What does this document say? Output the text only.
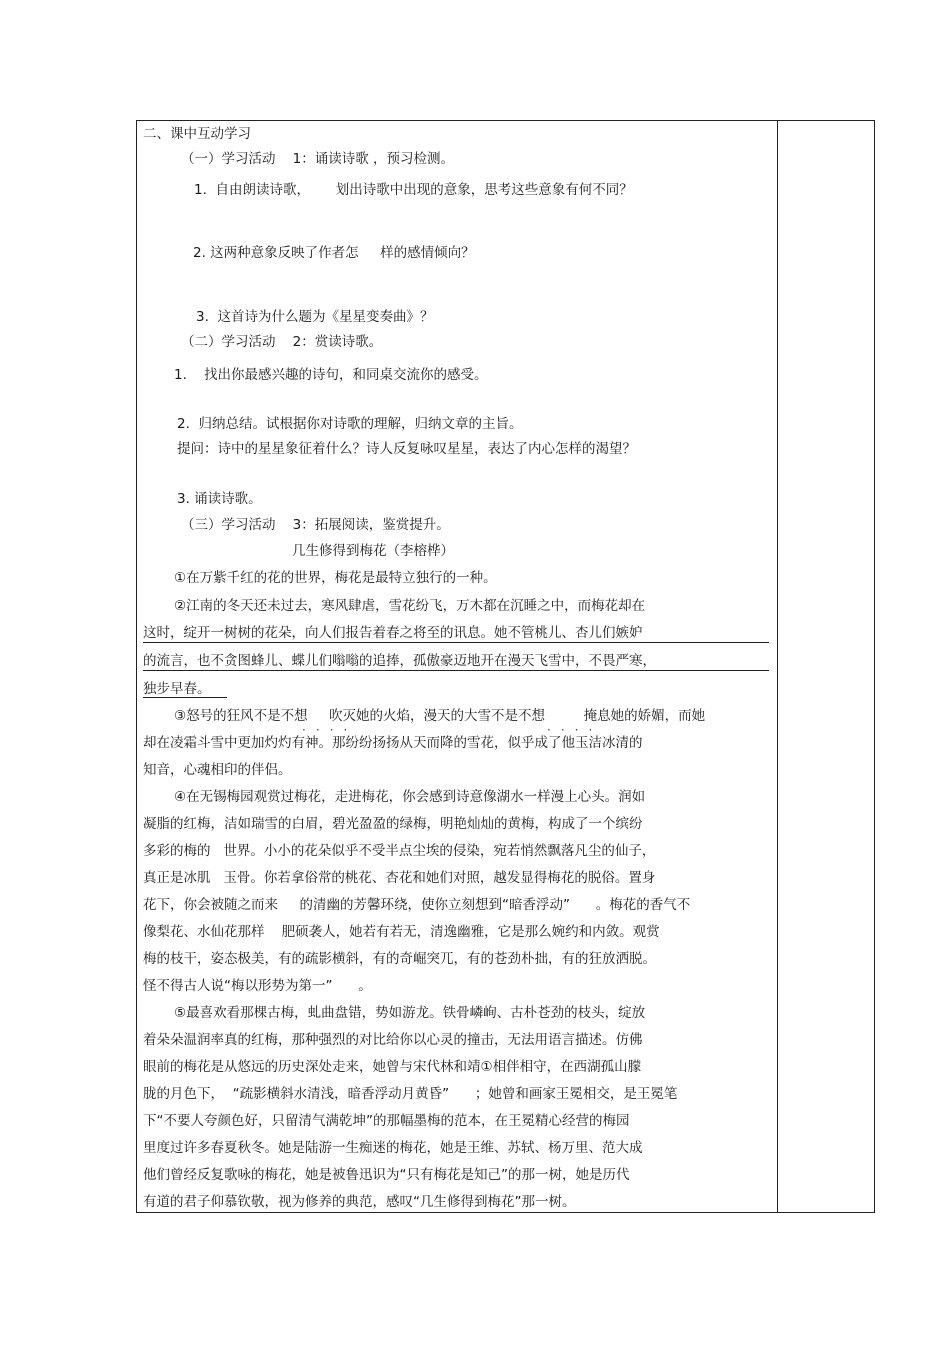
二、课中互动学习
（一）学习活动    1：诵读诗歌 ，预习检测。
1.  自由朗读诗歌，      划出诗歌中出现的意象，思考这些意象有何不同？
2. 这两种意象反映了作者怎     样的感情倾向？
3.  这首诗为什么题为《星星变奏曲》？
（二）学习活动    2：赏读诗歌。
1.    找出你最感兴趣的诗句，和同桌交流你的感受。
2.  归纳总结。试根据你对诗歌的理解，归纳文章的主旨。
提问：诗中的星星象征着什么？诗人反复咏叹星星，表达了内心怎样的渴望？
3. 诵读诗歌。
（三）学习活动    3：拓展阅读，鉴赏提升。
几生修得到梅花（李榕桦）
①在万紫千红的花的世界，梅花是最特立独行的一种。
②江南的冬天还未过去，寒风肆虐，雪花纷飞，万木都在沉睡之中，而梅花却在
这时，绽开一树树的花朵，向人们报告着春之将至的讯息。她不管桃儿、杏儿们嫉妒
的流言，也不贪图蜂儿、蝶儿们嗡嗡的追捧，孤傲豪迈地开在漫天飞雪中，不畏严寒，
独步早春。
③怒号的狂风不是不想     吹灭她的火焰，漫天的大雪不是不想         掩息她的娇媚，而她
····	····
却在凌霜斗雪中更加灼灼有神。那纷纷扬扬从天而降的雪花，似乎成了他玉洁冰清的
知音，心魂相印的伴侣。
④在无锡梅园观赏过梅花，走进梅花，你会感到诗意像湖水一样漫上心头。润如
凝脂的红梅，洁如瑞雪的白眉，碧光盈盈的绿梅，明艳灿灿的黄梅，构成了一个缤纷
多彩的梅的   世界。小小的花朵似乎不受半点尘埃的侵染，宛若悄然飘落凡尘的仙子，
真正是冰肌   玉骨。你若拿俗常的桃花、杏花和她们对照，越发显得梅花的脱俗。置身
花下，你会被随之而来     的清幽的芳馨环绕，使你立刻想到“暗香浮动”      。梅花的香气不
像梨花、水仙花那样    肥硕袭人，她若有若无，清逸幽雅，它是那么婉约和内敛。观赏
梅的枝干，姿态极美，有的疏影横斜，有的奇崛突兀，有的苍劲朴拙，有的狂放洒脱。
怪不得古人说“梅以形势为第一”      。
⑤最喜欢看那棵古梅，虬曲盘错，势如游龙。铁骨嶙峋、古朴苍劲的枝头，绽放
着朵朵温润率真的红梅，那种强烈的对比给你以心灵的撞击，无法用语言描述。仿佛
眼前的梅花是从悠远的历史深处走来，她曾与宋代林和靖①相伴相守，在西湖孤山朦
胧的月色下，  “疏影横斜水清浅，暗香浮动月黄昏”      ；她曾和画家王冕相交，是王冕笔
下“不要人夸颜色好，只留清气满乾坤”的那幅墨梅的范本，在王冕精心经营的梅园
里度过许多春夏秋冬。她是陆游一生痴迷的梅花，她是王维、苏轼、杨万里、范大成
他们曾经反复歌咏的梅花，她是被鲁迅识为“只有梅花是知己”的那一树，她是历代
有道的君子仰慕钦敬，视为修养的典范，感叹“几生修得到梅花”那一树。
